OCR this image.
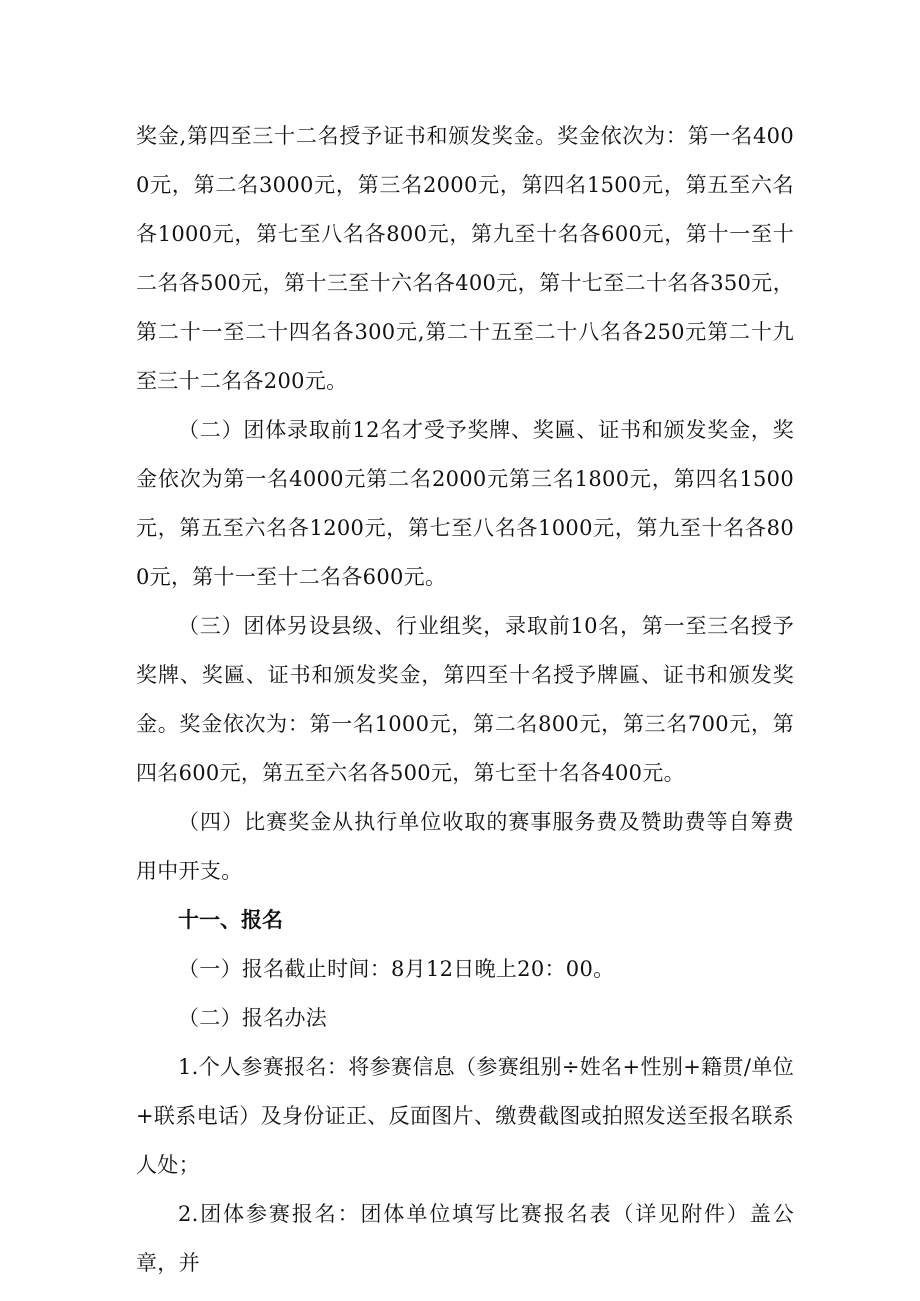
奖金,第四至三十二名授予证书和颁发奖金。奖金依次为：第一名4000元，第二名3000元，第三名2000元，第四名1500元，第五至六名各1000元，第七至八名各800元，第九至十名各600元，第十一至十二名各500元，第十三至十六名各400元，第十七至二十名各350元，第二十一至二十四名各300元,第二十五至二十八名各250元第二十九至三十二名各200元。

（二）团体录取前12名才受予奖牌、奖匾、证书和颁发奖金，奖金依次为第一名4000元第二名2000元第三名1800元，第四名1500元，第五至六名各1200元，第七至八名各1000元，第九至十名各800元，第十一至十二名各600元。

（三）团体另设县级、行业组奖，录取前10名，第一至三名授予奖牌、奖匾、证书和颁发奖金，第四至十名授予牌匾、证书和颁发奖金。奖金依次为：第一名1000元，第二名800元，第三名700元，第四名600元，第五至六名各500元，第七至十名各400元。

（四）比赛奖金从执行单位收取的赛事服务费及赞助费等自筹费用中开支。

十一、报名

（一）报名截止时间：8月12日晚上20：00。

（二）报名办法

1.个人参赛报名：将参赛信息（参赛组别÷姓名+性别+籍贯/单位+联系电话）及身份证正、反面图片、缴费截图或拍照发送至报名联系人处；

2.团体参赛报名：团体单位填写比赛报名表（详见附件）盖公章，并
